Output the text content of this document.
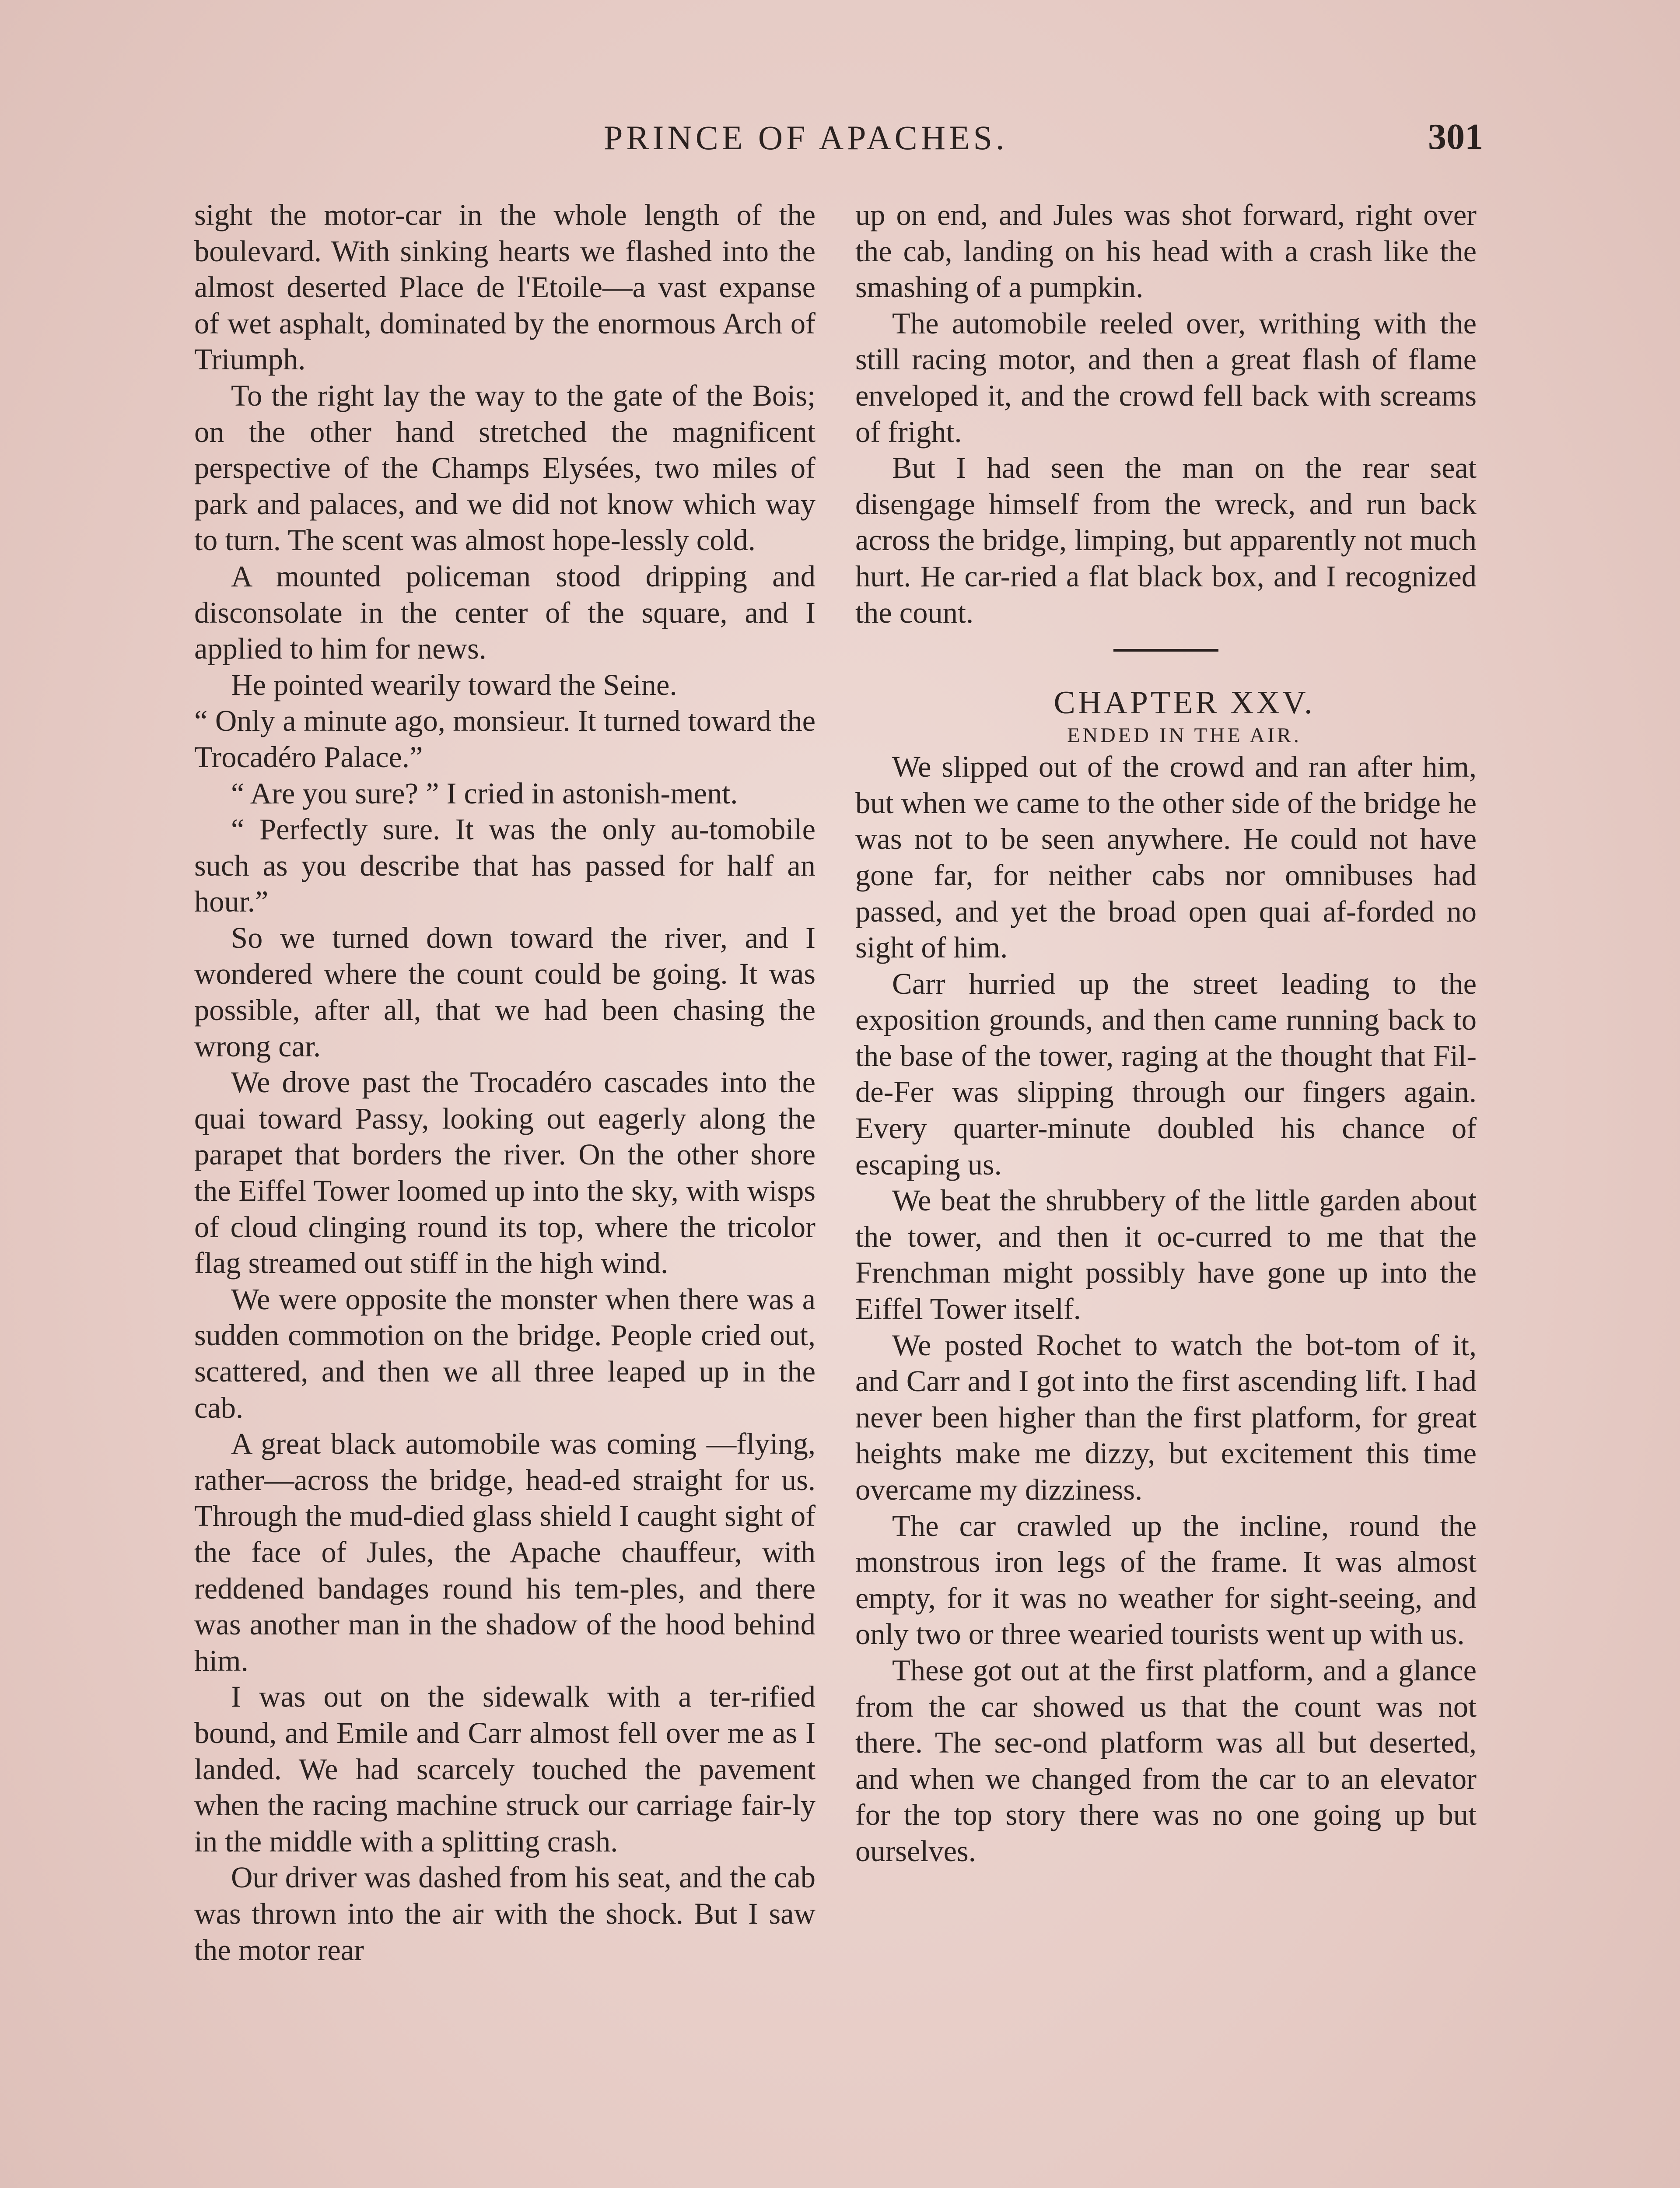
PRINCE OF APACHES.	301

sight the motor-car in the whole length of the boulevard. With sinking hearts we flashed into the almost deserted Place de l'Etoile—a vast expanse of wet asphalt, dominated by the enormous Arch of Triumph.

To the right lay the way to the gate of the Bois; on the other hand stretched the magnificent perspective of the Champs Elysées, two miles of park and palaces, and we did not know which way to turn. The scent was almost hope-lessly cold.

A mounted policeman stood dripping and disconsolate in the center of the square, and I applied to him for news.

He pointed wearily toward the Seine.

“ Only a minute ago, monsieur. It turned toward the Trocadéro Palace.”

“ Are you sure? ” I cried in astonish-ment.

“ Perfectly sure. It was the only au-tomobile such as you describe that has passed for half an hour.”

So we turned down toward the river, and I wondered where the count could be going. It was possible, after all, that we had been chasing the wrong car.

We drove past the Trocadéro cascades into the quai toward Passy, looking out eagerly along the parapet that borders the river. On the other shore the Eiffel Tower loomed up into the sky, with wisps of cloud clinging round its top, where the tricolor flag streamed out stiff in the high wind.

We were opposite the monster when there was a sudden commotion on the bridge. People cried out, scattered, and then we all three leaped up in the cab.

A great black automobile was coming —flying, rather—across the bridge, head-ed straight for us. Through the mud-died glass shield I caught sight of the face of Jules, the Apache chauffeur, with reddened bandages round his tem-ples, and there was another man in the shadow of the hood behind him.

I was out on the sidewalk with a ter-rified bound, and Emile and Carr almost fell over me as I landed. We had scarcely touched the pavement when the racing machine struck our carriage fair-ly in the middle with a splitting crash.

Our driver was dashed from his seat, and the cab was thrown into the air with the shock. But I saw the motor rear

up on end, and Jules was shot forward, right over the cab, landing on his head with a crash like the smashing of a pumpkin.

The automobile reeled over, writhing with the still racing motor, and then a great flash of flame enveloped it, and the crowd fell back with screams of fright.

But I had seen the man on the rear seat disengage himself from the wreck, and run back across the bridge, limping, but apparently not much hurt. He car-ried a flat black box, and I recognized the count.

CHAPTER XXV.

ENDED IN THE AIR.

We slipped out of the crowd and ran after him, but when we came to the other side of the bridge he was not to be seen anywhere. He could not have gone far, for neither cabs nor omnibuses had passed, and yet the broad open quai af-forded no sight of him.

Carr hurried up the street leading to the exposition grounds, and then came running back to the base of the tower, raging at the thought that Fil-de-Fer was slipping through our fingers again. Every quarter-minute doubled his chance of escaping us.

We beat the shrubbery of the little garden about the tower, and then it oc-curred to me that the Frenchman might possibly have gone up into the Eiffel Tower itself.

We posted Rochet to watch the bot-tom of it, and Carr and I got into the first ascending lift. I had never been higher than the first platform, for great heights make me dizzy, but excitement this time overcame my dizziness.

The car crawled up the incline, round the monstrous iron legs of the frame. It was almost empty, for it was no weather for sight-seeing, and only two or three wearied tourists went up with us.

These got out at the first platform, and a glance from the car showed us that the count was not there. The sec-ond platform was all but deserted, and when we changed from the car to an elevator for the top story there was no one going up but ourselves.
